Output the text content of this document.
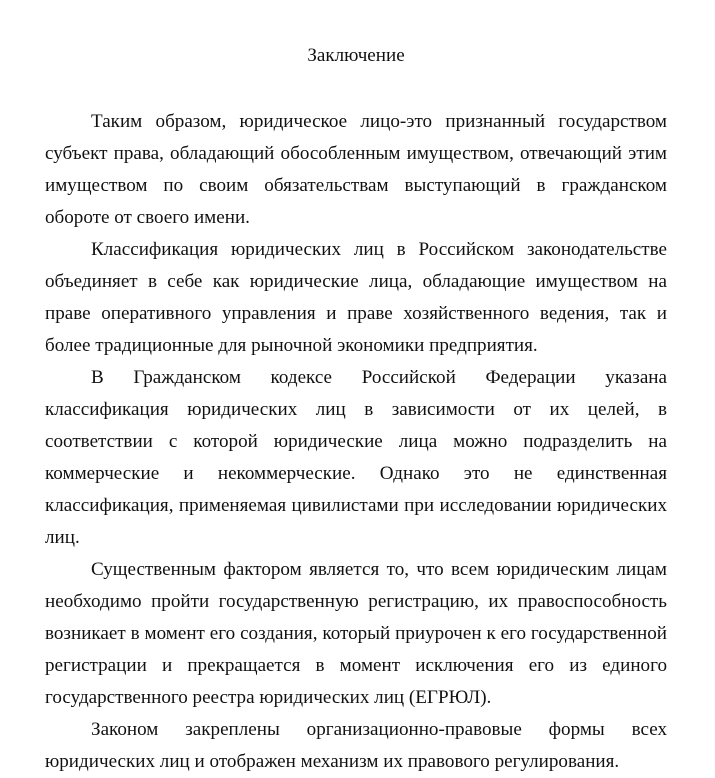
Заключение

Таким образом, юридическое лицо-это признанный государством субъект права, обладающий обособленным имуществом, отвечающий этим имуществом по своим обязательствам выступающий в гражданском обороте от своего имени.

Классификация юридических лиц в Российском законодательстве объединяет в себе как юридические лица, обладающие имуществом на праве оперативного управления и праве хозяйственного ведения, так и более традиционные для рыночной экономики предприятия.

В Гражданском кодексе Российской Федерации указана классификация юридических лиц в зависимости от их целей, в соответствии с которой юридические лица можно подразделить на коммерческие и некоммерческие. Однако это не единственная классификация, применяемая цивилистами при исследовании юридических лиц.

Существенным фактором является то, что всем юридическим лицам необходимо пройти государственную регистрацию, их правоспособность возникает в момент его создания, который приурочен к его государственной регистрации и прекращается в момент исключения его из единого государственного реестра юридических лиц (ЕГРЮЛ).

Законом закреплены организационно-правовые формы всех юридических лиц и отображен механизм их правового регулирования.
